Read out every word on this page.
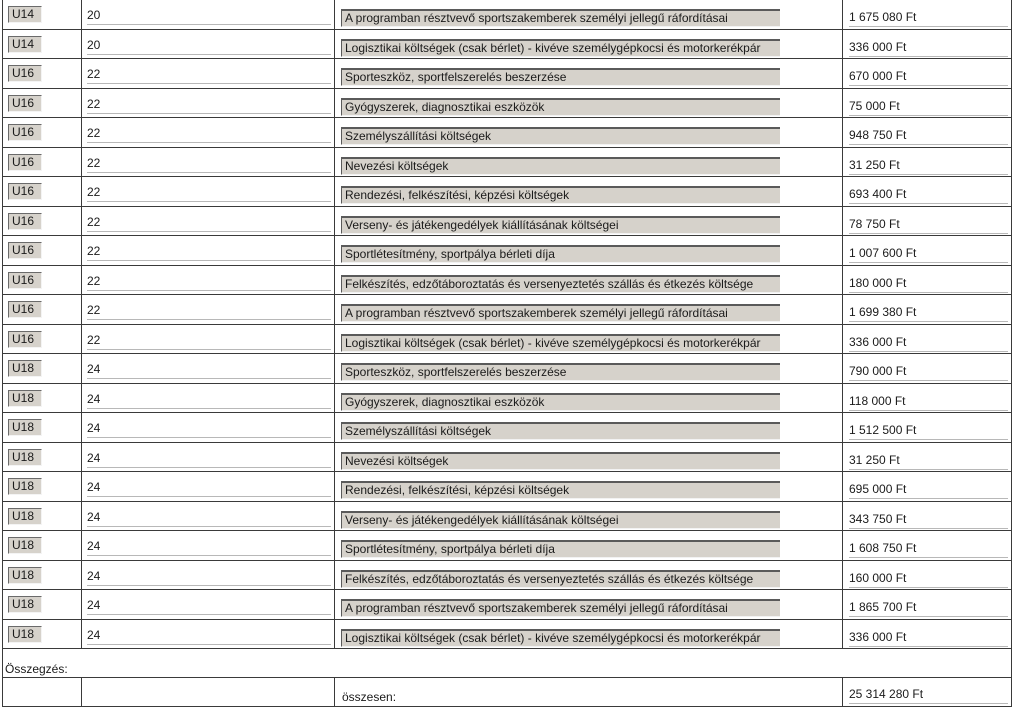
U14	20	A programban résztvevő sportszakemberek személyi jellegű ráfordításai	1 675 080 Ft
U14	20	Logisztikai költségek (csak bérlet) - kivéve személygépkocsi és motorkerékpár	336 000 Ft
U16	22	Sporteszköz, sportfelszerelés beszerzése	670 000 Ft
U16	22	Gyógyszerek, diagnosztikai eszközök	75 000 Ft
U16	22	Személyszállítási költségek	948 750 Ft
U16	22	Nevezési költségek	31 250 Ft
U16	22	Rendezési, felkészítési, képzési költségek	693 400 Ft
U16	22	Verseny- és játékengedélyek kiállításának költségei	78 750 Ft
U16	22	Sportlétesítmény, sportpálya bérleti díja	1 007 600 Ft
U16	22	Felkészítés, edzőtáboroztatás és versenyeztetés szállás és étkezés költsége	180 000 Ft
U16	22	A programban résztvevő sportszakemberek személyi jellegű ráfordításai	1 699 380 Ft
U16	22	Logisztikai költségek (csak bérlet) - kivéve személygépkocsi és motorkerékpár	336 000 Ft
U18	24	Sporteszköz, sportfelszerelés beszerzése	790 000 Ft
U18	24	Gyógyszerek, diagnosztikai eszközök	118 000 Ft
U18	24	Személyszállítási költségek	1 512 500 Ft
U18	24	Nevezési költségek	31 250 Ft
U18	24	Rendezési, felkészítési, képzési költségek	695 000 Ft
U18	24	Verseny- és játékengedélyek kiállításának költségei	343 750 Ft
U18	24	Sportlétesítmény, sportpálya bérleti díja	1 608 750 Ft
U18	24	Felkészítés, edzőtáboroztatás és versenyeztetés szállás és étkezés költsége	160 000 Ft
U18	24	A programban résztvevő sportszakemberek személyi jellegű ráfordításai	1 865 700 Ft
U18	24	Logisztikai költségek (csak bérlet) - kivéve személygépkocsi és motorkerékpár	336 000 Ft
Összegzés:
összesen:	25 314 280 Ft
